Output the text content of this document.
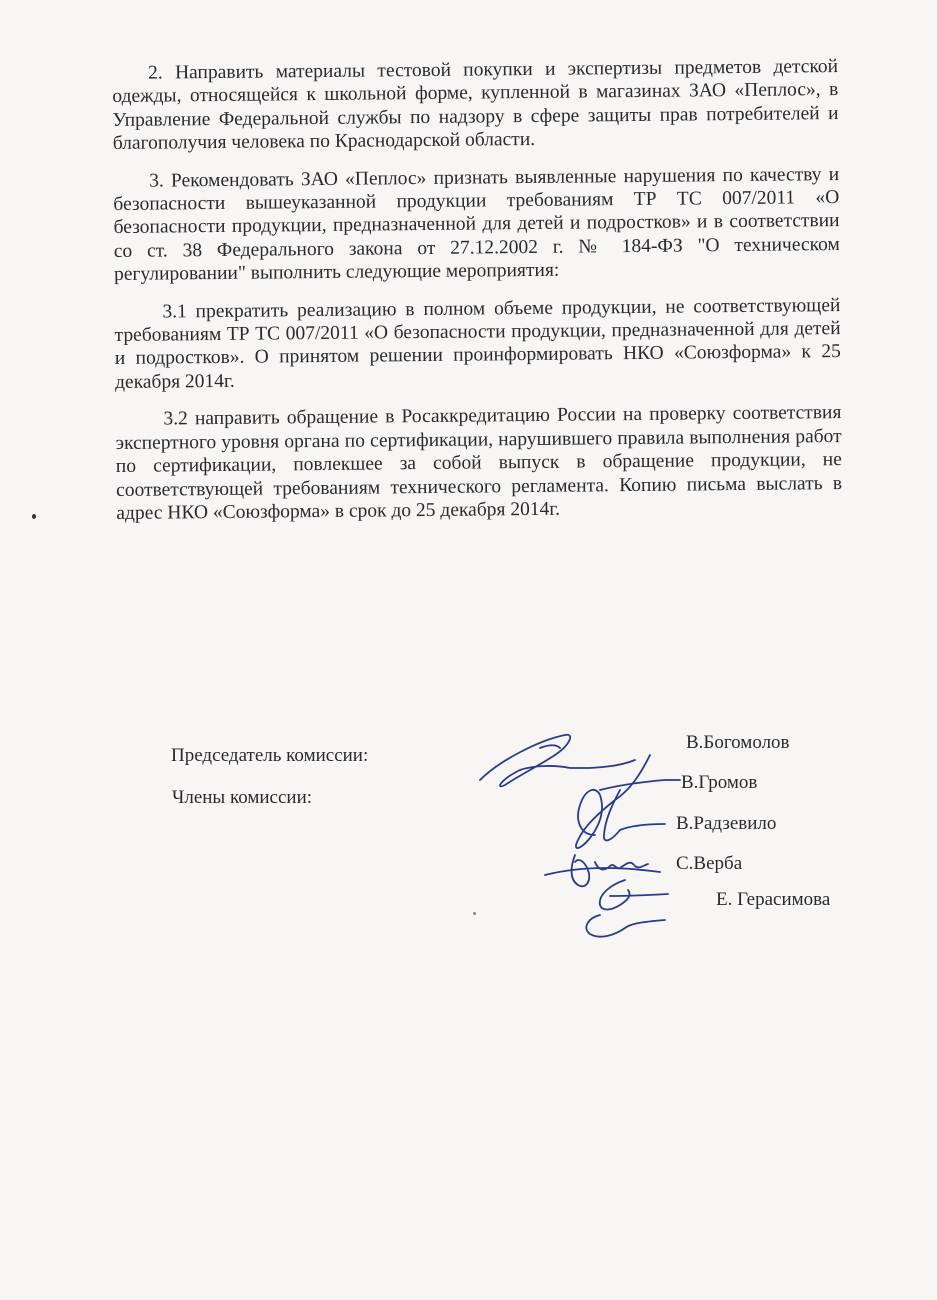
2. Направить материалы тестовой покупки и экспертизы предметов детской одежды, относящейся к школьной форме, купленной в магазинах ЗАО «Пеплос», в Управление Федеральной службы по надзору в сфере защиты прав потребителей и благополучия человека по Краснодарской области.

3. Рекомендовать ЗАО «Пеплос» признать выявленные нарушения по качеству и безопасности вышеуказанной продукции требованиям ТР ТС 007/2011 «О безопасности продукции, предназначенной для детей и подростков» и в соответствии со ст. 38 Федерального закона от 27.12.2002 г. № 184-ФЗ "О техническом регулировании" выполнить следующие мероприятия:

3.1 прекратить реализацию в полном объеме продукции, не соответствующей требованиям ТР ТС 007/2011 «О безопасности продукции, предназначенной для детей и подростков». О принятом решении проинформировать НКО «Союзформа» к 25 декабря 2014г.

3.2 направить обращение в Росаккредитацию России на проверку соответствия экспертного уровня органа по сертификации, нарушившего правила выполнения работ по сертификации, повлекшее за собой выпуск в обращение продукции, не соответствующей требованиям технического регламента. Копию письма выслать в адрес НКО «Союзформа» в срок до 25 декабря 2014г.

Председатель комиссии:
Члены комиссии:
В.Богомолов
В.Громов
В.Радзевило
С.Верба
Е. Герасимова
